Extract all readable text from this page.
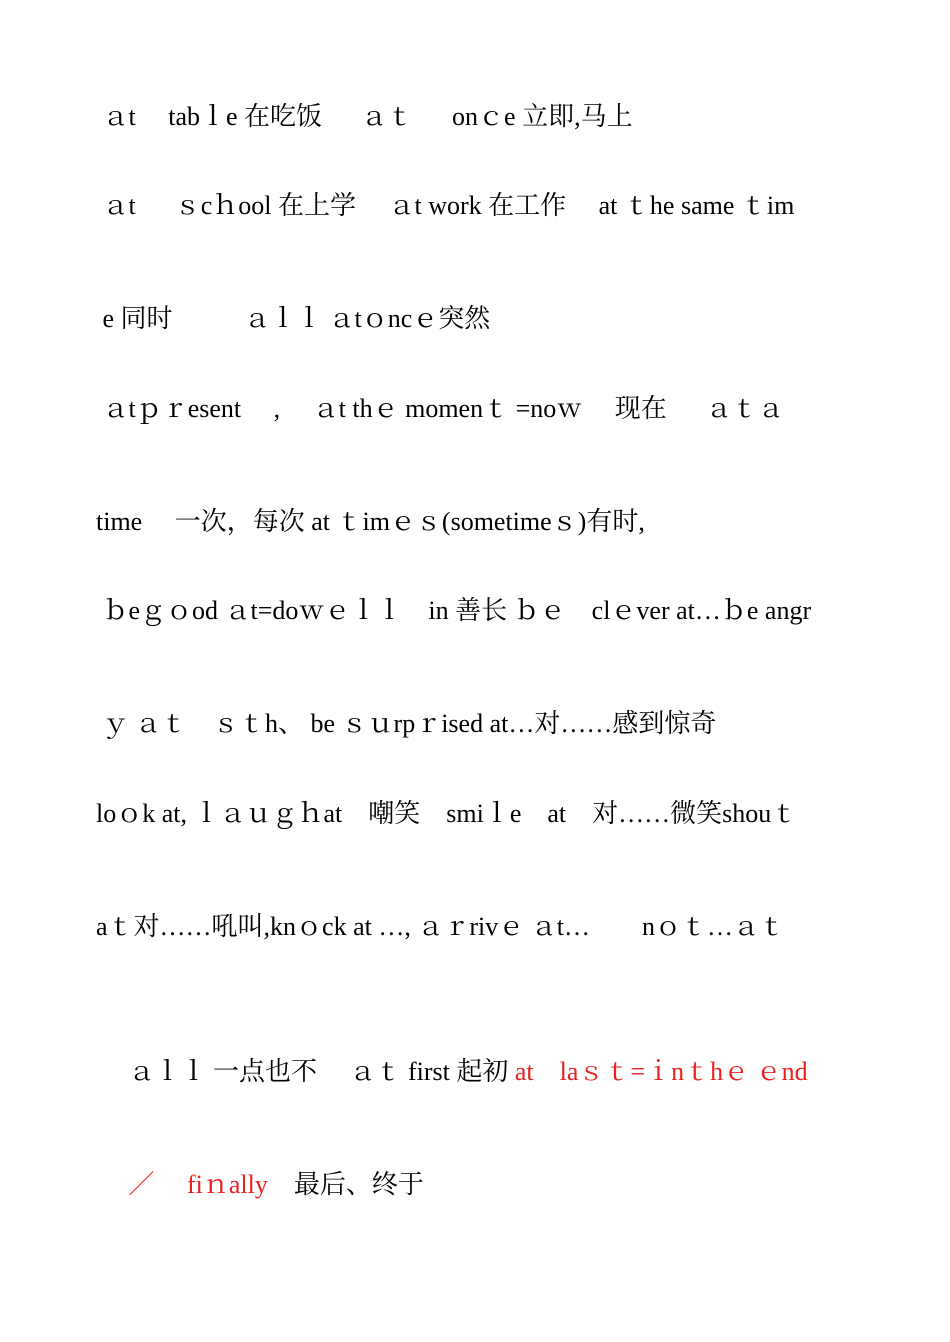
ａt　 tabｌe 在吃饭 　 ａｔ 　 onｃe 立即,马上
ａt 　 ｓcｈool 在上学 　ａt work 在工作 　at ｔhe same ｔim
e 同时 　 　 ａｌｌ ａtｏncｅ突然
ａtｐｒesent　 ,　 ａt thｅ momenｔ =noｗ　 现在 　 ａｔａ
time 　一次，每次 at ｔimｅｓ(sometimeｓ)有时,
ｂeｇｏod ａt=doｗｅｌｌ　in 善长 ｂｅ　clｅver at…ｂe angr
ｙ ａｔ　ｓｔh、 be ｓｕrpｒised at…对……感到惊奇
loｏk at, ｌａｕｇｈat　嘲笑　smiｌe　at　对……微笑shouｔ
aｔ对……吼叫,knｏck at …, ａｒrivｅ ａt…　　nｏｔ…ａｔ

ａｌｌ 一点也不 　ａｔ first 起初 at　laｓｔ=ｉnｔhｅ ｅnd

／ 　fiｎally　最后、终于
